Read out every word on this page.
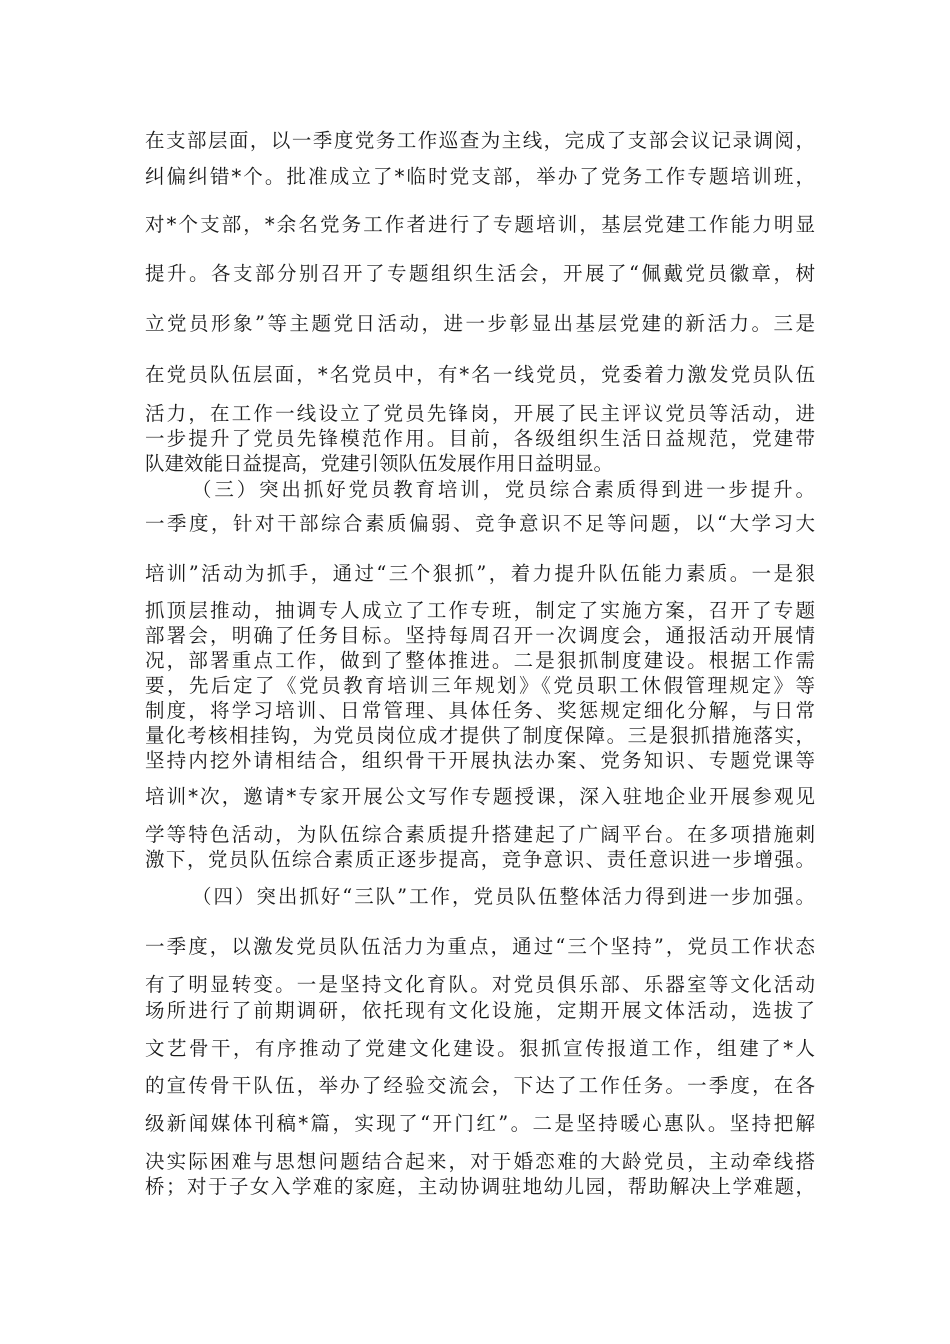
在支部层面，以一季度党务工作巡查为主线，完成了支部会议记录调阅，
纠偏纠错*个。批准成立了*临时党支部，举办了党务工作专题培训班，
对*个支部，*余名党务工作者进行了专题培训，基层党建工作能力明显
提升。各支部分别召开了专题组织生活会，开展了“佩戴党员徽章，树
立党员形象”等主题党日活动，进一步彰显出基层党建的新活力。三是
在党员队伍层面，*名党员中，有*名一线党员，党委着力激发党员队伍
活力，在工作一线设立了党员先锋岗，开展了民主评议党员等活动，进
一步提升了党员先锋模范作用。目前，各级组织生活日益规范，党建带
队建效能日益提高，党建引领队伍发展作用日益明显。
（三）突出抓好党员教育培训，党员综合素质得到进一步提升。
一季度，针对干部综合素质偏弱、竞争意识不足等问题，以“大学习大
培训”活动为抓手，通过“三个狠抓”，着力提升队伍能力素质。一是狠
抓顶层推动，抽调专人成立了工作专班，制定了实施方案，召开了专题
部署会，明确了任务目标。坚持每周召开一次调度会，通报活动开展情
况，部署重点工作，做到了整体推进。二是狠抓制度建设。根据工作需
要，先后定了《党员教育培训三年规划》《党员职工休假管理规定》等
制度，将学习培训、日常管理、具体任务、奖惩规定细化分解，与日常
量化考核相挂钩，为党员岗位成才提供了制度保障。三是狠抓措施落实，
坚持内挖外请相结合，组织骨干开展执法办案、党务知识、专题党课等
培训*次，邀请*专家开展公文写作专题授课，深入驻地企业开展参观见
学等特色活动，为队伍综合素质提升搭建起了广阔平台。在多项措施刺
激下，党员队伍综合素质正逐步提高，竞争意识、责任意识进一步增强。
（四）突出抓好“三队”工作，党员队伍整体活力得到进一步加强。
一季度，以激发党员队伍活力为重点，通过“三个坚持”，党员工作状态
有了明显转变。一是坚持文化育队。对党员俱乐部、乐器室等文化活动
场所进行了前期调研，依托现有文化设施，定期开展文体活动，选拔了
文艺骨干，有序推动了党建文化建设。狠抓宣传报道工作，组建了*人
的宣传骨干队伍，举办了经验交流会，下达了工作任务。一季度，在各
级新闻媒体刊稿*篇，实现了“开门红”。二是坚持暖心惠队。坚持把解
决实际困难与思想问题结合起来，对于婚恋难的大龄党员，主动牵线搭
桥；对于子女入学难的家庭，主动协调驻地幼儿园，帮助解决上学难题，
